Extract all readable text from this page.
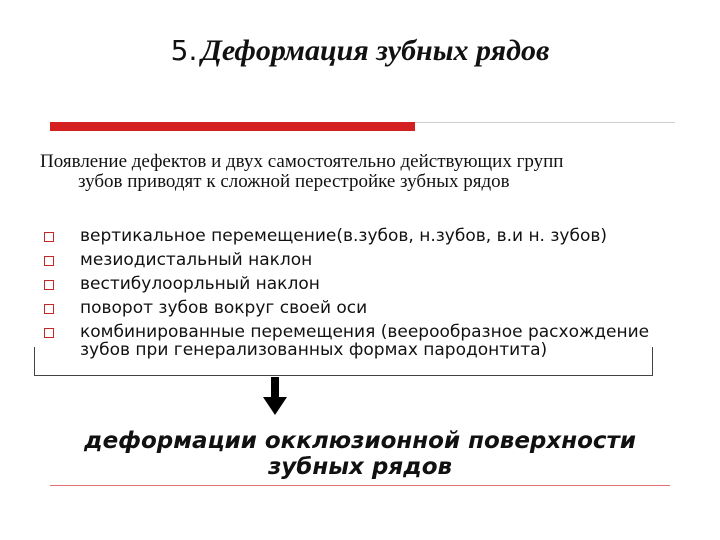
5. Деформация зубных рядов
Появление дефектов и двух самостоятельно действующих групп
зубов приводят к сложной перестройке зубных рядов
вертикальное перемещение(в.зубов, н.зубов, в.и н. зубов)
мезиодистальный наклон
вестибулоорльный наклон
поворот зубов вокруг своей оси
комбинированные перемещения (веерообразное расхождение
зубов при генерализованных формах пародонтита)
деформации окклюзионной поверхности
зубных рядов
